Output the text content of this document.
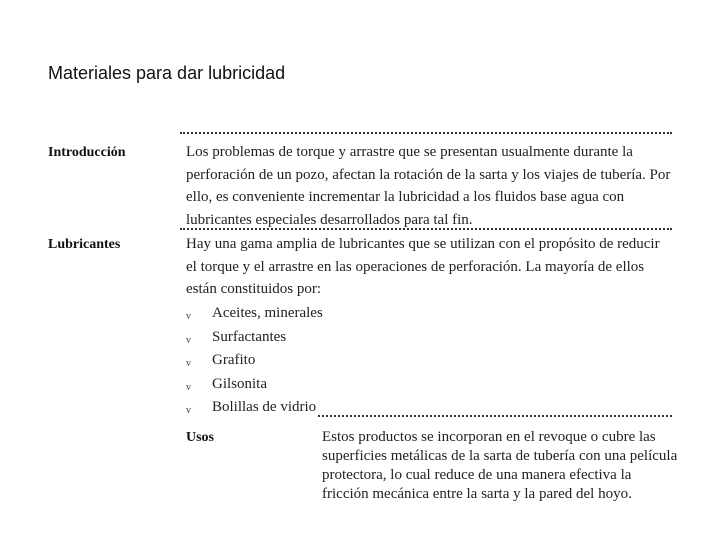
Materiales para dar lubricidad
Introducción	Los problemas de torque y arrastre que se presentan usualmente durante la perforación de un pozo, afectan la rotación de la sarta y los viajes de tubería. Por ello, es conveniente incrementar la lubricidad a los fluidos base agua con lubricantes especiales desarrollados para tal fin.
Lubricantes	Hay una gama amplia de lubricantes que se utilizan con el propósito de reducir el torque y el arrastre en las operaciones de perforación. La mayoría de ellos están constituidos por:
v Aceites, minerales
v Surfactantes
v Grafito
v Gilsonita
v Bolillas de vidrio
Usos	Estos productos se incorporan en el revoque o cubre las superficies metálicas de la sarta de tubería con una película protectora, lo cual reduce de una manera efectiva la fricción mecánica entre la sarta y la pared del hoyo.
